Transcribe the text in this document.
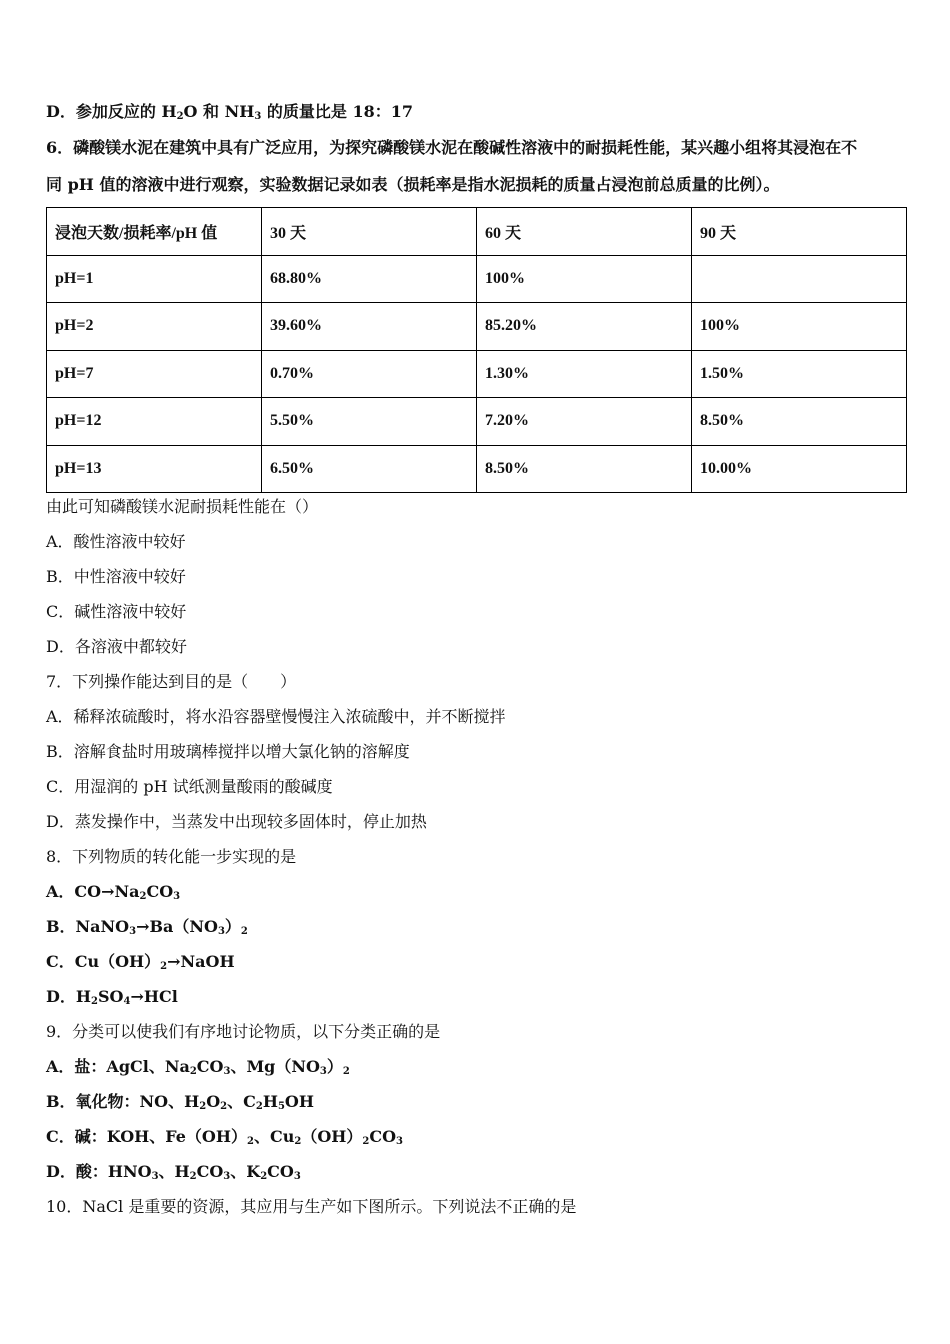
D．参加反应的 $H_2O$ 和 $NH_3$ 的质量比是 18：17
6．磷酸镁水泥在建筑中具有广泛应用，为探究磷酸镁水泥在酸碱性溶液中的耐损耗性能，某兴趣小组将其浸泡在不
同 pH 值的溶液中进行观察，实验数据记录如表（损耗率是指水泥损耗的质量占浸泡前总质量的比例）。
浸泡天数/损耗率/pH 值	30 天	60 天	90 天
pH=1	68.80%	100%	
pH=2	39.60%	85.20%	100%
pH=7	0.70%	1.30%	1.50%
pH=12	5.50%	7.20%	8.50%
pH=13	6.50%	8.50%	10.00%
由此可知磷酸镁水泥耐损耗性能在（）
A．酸性溶液中较好
B．中性溶液中较好
C．碱性溶液中较好
D．各溶液中都较好
7．下列操作能达到目的是（　　）
A．稀释浓硫酸时，将水沿容器壁慢慢注入浓硫酸中，并不断搅拌
B．溶解食盐时用玻璃棒搅拌以增大氯化钠的溶解度
C．用湿润的 pH 试纸测量酸雨的酸碱度
D．蒸发操作中，当蒸发中出现较多固体时，停止加热
8．下列物质的转化能一步实现的是
A．$CO\to Na_2CO_3$
B．$NaNO_3\to Ba(NO_3)_2$
C．$Cu(OH)_2\to NaOH$
D．$H_2SO_4\to HCl$
9．分类可以使我们有序地讨论物质，以下分类正确的是
A．盐：AgCl、$Na_2CO_3$、$Mg(NO_3)_2$
B．氧化物：NO、$H_2O_2$、$C_2H_5OH$
C．碱：KOH、$Fe(OH)_2$、$Cu_2(OH)_2CO_3$
D．酸：$HNO_3$、$H_2CO_3$、$K_2CO_3$
10．NaCl 是重要的资源，其应用与生产如下图所示。下列说法不正确的是
